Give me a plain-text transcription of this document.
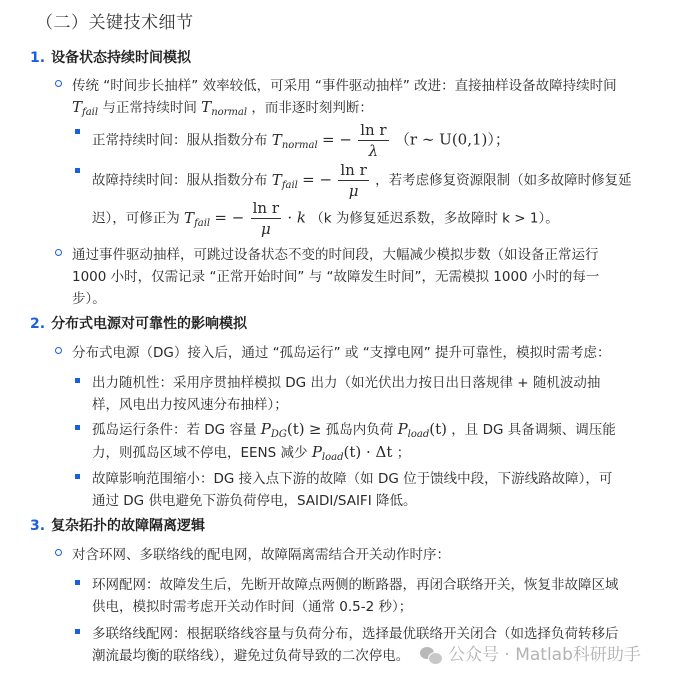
（二）关键技术细节
1. 设备状态持续时间模拟
传统 “时间步长抽样” 效率较低，可采用 “事件驱动抽样” 改进：直接抽样设备故障持续时间
$T_{fail}$ 与正常持续时间 $T_{normal}$ ，而非逐时刻判断：
正常持续时间：服从指数分布 $T_{normal}$ = − $\frac{\text{ln r}}{\lambda} (r$ ∼ U(0,1)）；
故障持续时间：服从指数分布 $T_{fail}$ = − $\frac{\text{ln r}}{\mu}$ ，若考虑修复资源限制（如多故障时修复延
迟），可修正为 $T_{fail}$ = − $\frac{\text{ln r}}{\mu} \cdot k$ （k 为修复延迟系数，多故障时 k > 1）。
通过事件驱动抽样，可跳过设备状态不变的时间段，大幅减少模拟步数（如设备正常运行
1000 小时，仅需记录 “正常开始时间” 与 “故障发生时间”，无需模拟 1000 小时的每一
步）。
2. 分布式电源对可靠性的影响模拟
分布式电源（DG）接入后，通过 “孤岛运行” 或 “支撑电网” 提升可靠性，模拟时需考虑：
出力随机性：采用序贯抽样模拟 DG 出力（如光伏出力按日出日落规律 + 随机波动抽
样，风电出力按风速分布抽样）；
孤岛运行条件：若 DG 容量 $P_{DG}(t)$ ≥ 孤岛内负荷 $P_{load}(t)$ ，且 DG 具备调频、调压能
力，则孤岛区域不停电，EENS 减少 $P_{load}(t) \cdot \Delta t$ ；
故障影响范围缩小：DG 接入点下游的故障（如 DG 位于馈线中段，下游线路故障），可
通过 DG 供电避免下游负荷停电，SAIDI/SAIFI 降低。
3. 复杂拓扑的故障隔离逻辑
对含环网、多联络线的配电网，故障隔离需结合开关动作时序：
环网配网：故障发生后，先断开故障点两侧的断路器，再闭合联络开关，恢复非故障区域
供电，模拟时需考虑开关动作时间（通常 0.5-2 秒）；
多联络线配网：根据联络线容量与负荷分布，选择最优联络开关闭合（如选择负荷转移后
潮流最均衡的联络线），避免过负荷导致的二次停电。	公众号 · Matlab科研助手
